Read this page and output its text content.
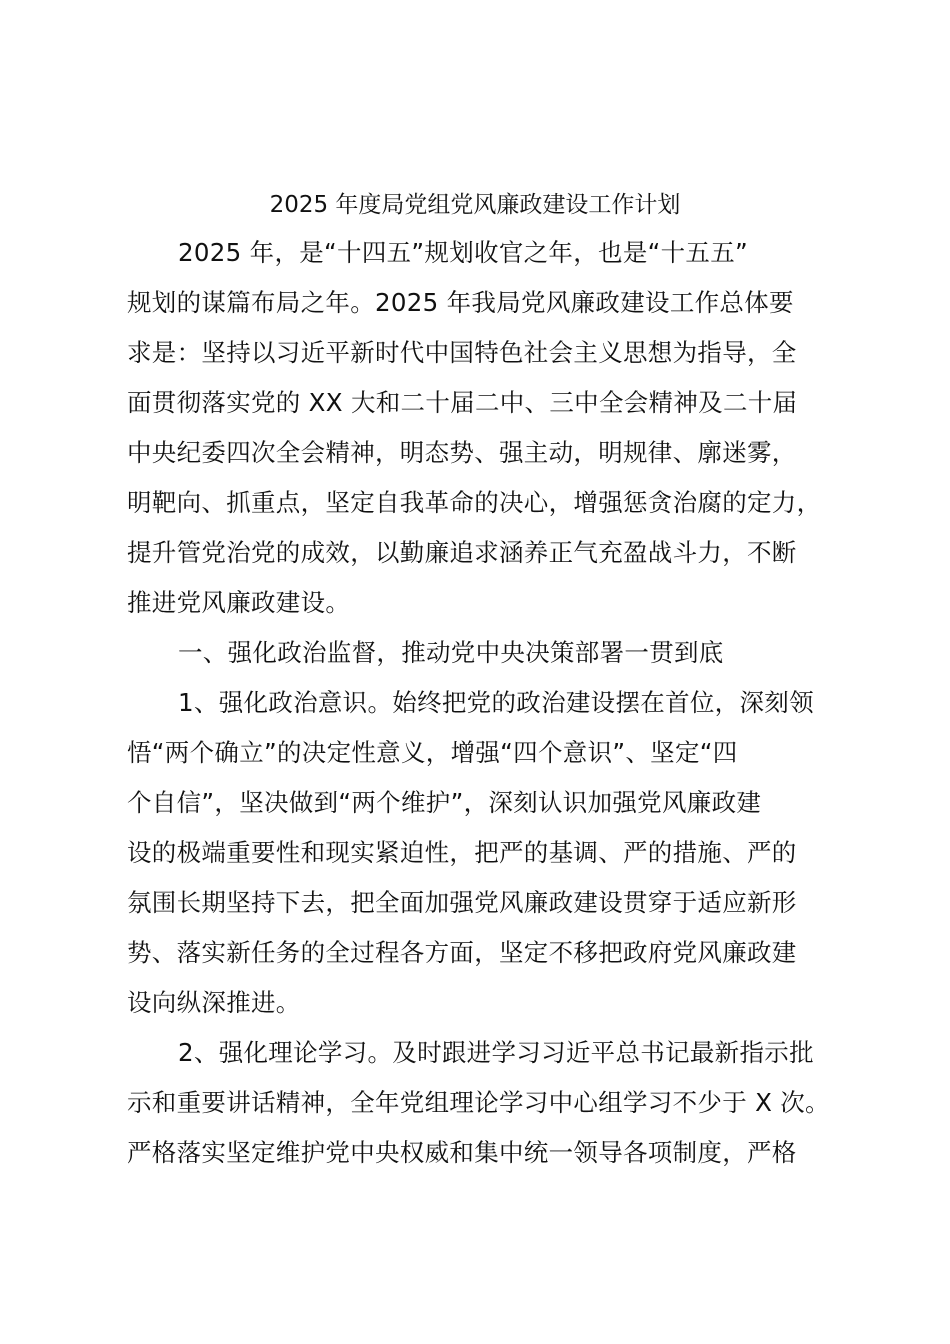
2025 年度局党组党风廉政建设工作计划
2025 年，是“十四五”规划收官之年，也是“十五五”
规划的谋篇布局之年。2025 年我局党风廉政建设工作总体要
求是：坚持以习近平新时代中国特色社会主义思想为指导，全
面贯彻落实党的 XX 大和二十届二中、三中全会精神及二十届
中央纪委四次全会精神，明态势、强主动，明规律、廓迷雾，
明靶向、抓重点，坚定自我革命的决心，增强惩贪治腐的定力，
提升管党治党的成效，以勤廉追求涵养正气充盈战斗力，不断
推进党风廉政建设。
一、强化政治监督，推动党中央决策部署一贯到底
1、强化政治意识。始终把党的政治建设摆在首位，深刻领
悟“两个确立”的决定性意义，增强“四个意识”、坚定“四
个自信”，坚决做到“两个维护”，深刻认识加强党风廉政建
设的极端重要性和现实紧迫性，把严的基调、严的措施、严的
氛围长期坚持下去，把全面加强党风廉政建设贯穿于适应新形
势、落实新任务的全过程各方面，坚定不移把政府党风廉政建
设向纵深推进。
2、强化理论学习。及时跟进学习习近平总书记最新指示批
示和重要讲话精神，全年党组理论学习中心组学习不少于 X 次。
严格落实坚定维护党中央权威和集中统一领导各项制度，严格
